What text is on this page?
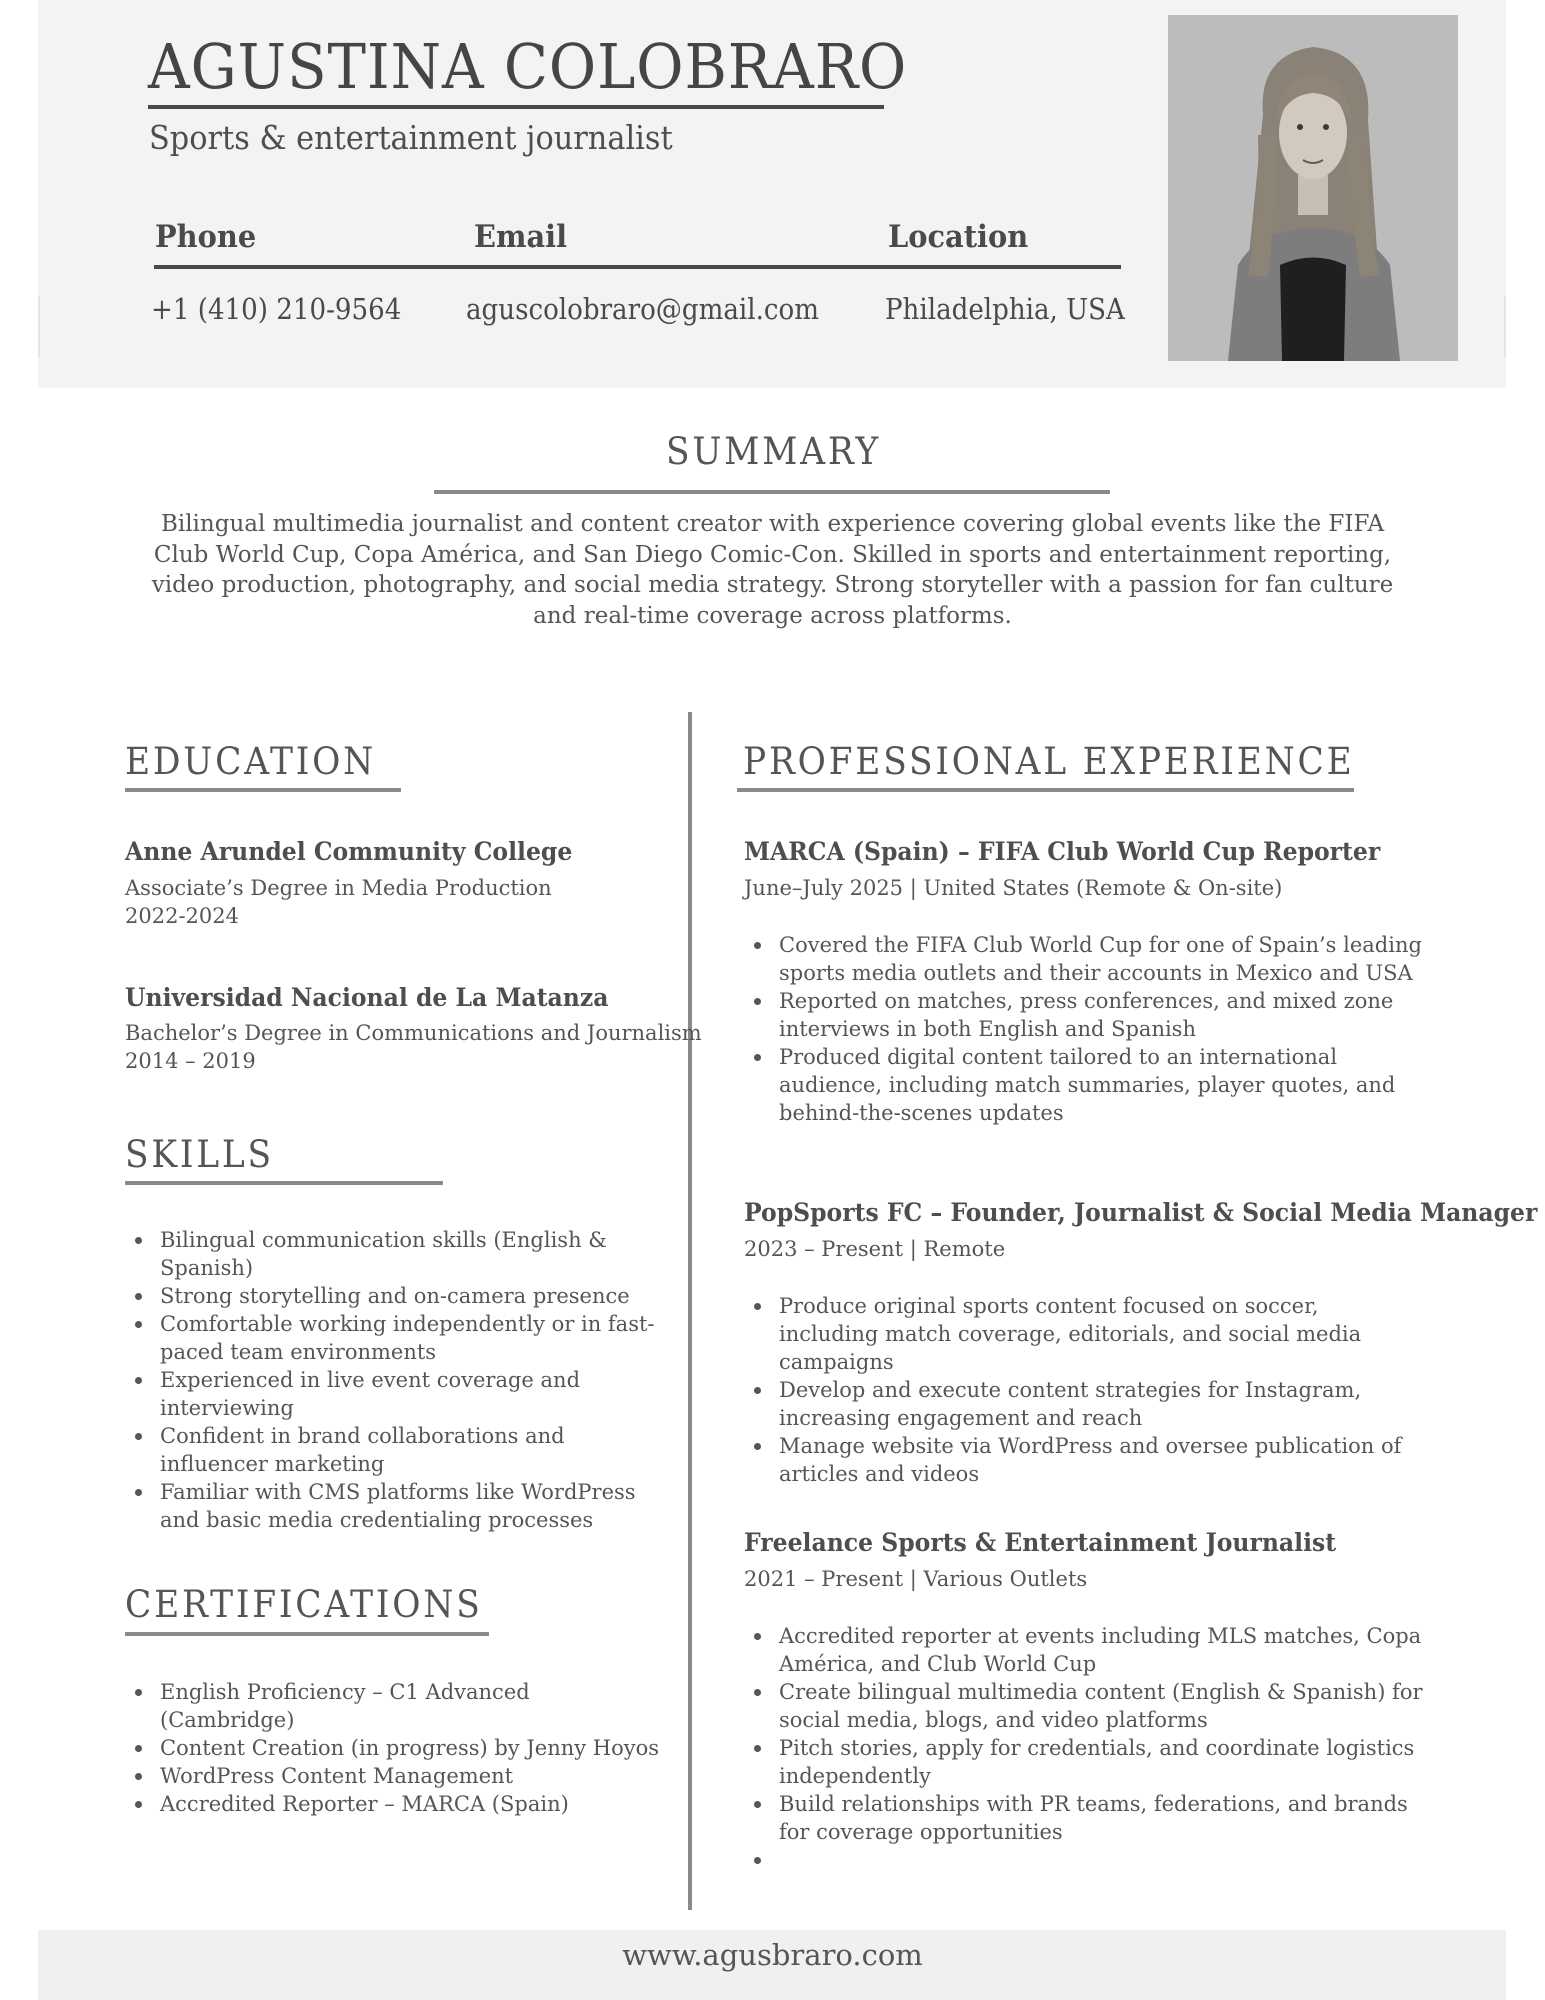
AGUSTINA COLOBRARO
Sports & entertainment journalist
Phone	Email	Location
+1 (410) 210-9564 aguscolobraro@gmail.com Philadelphia, USA
SUMMARY
Bilingual multimedia journalist and content creator with experience covering global events like the FIFA Club World Cup, Copa América, and San Diego Comic-Con. Skilled in sports and entertainment reporting, video production, photography, and social media strategy. Strong storyteller with a passion for fan culture and real-time coverage across platforms.
EDUCATION
Anne Arundel Community College
Associate’s Degree in Media Production
2022-2024
Universidad Nacional de La Matanza
Bachelor’s Degree in Communications and Journalism
2014 – 2019
SKILLS
Bilingual communication skills (English & Spanish)
Strong storytelling and on-camera presence
Comfortable working independently or in fast-paced team environments
Experienced in live event coverage and interviewing
Confident in brand collaborations and influencer marketing
Familiar with CMS platforms like WordPress and basic media credentialing processes
CERTIFICATIONS
English Proficiency – C1 Advanced (Cambridge)
Content Creation (in progress) by Jenny Hoyos
WordPress Content Management
Accredited Reporter – MARCA (Spain)
PROFESSIONAL EXPERIENCE
MARCA (Spain) – FIFA Club World Cup Reporter
June–July 2025 | United States (Remote & On-site)
Covered the FIFA Club World Cup for one of Spain’s leading sports media outlets and their accounts in Mexico and USA
Reported on matches, press conferences, and mixed zone interviews in both English and Spanish
Produced digital content tailored to an international audience, including match summaries, player quotes, and behind-the-scenes updates
PopSports FC – Founder, Journalist & Social Media Manager
2023 – Present | Remote
Produce original sports content focused on soccer, including match coverage, editorials, and social media campaigns
Develop and execute content strategies for Instagram, increasing engagement and reach
Manage website via WordPress and oversee publication of articles and videos
Freelance Sports & Entertainment Journalist
2021 – Present | Various Outlets
Accredited reporter at events including MLS matches, Copa América, and Club World Cup
Create bilingual multimedia content (English & Spanish) for social media, blogs, and video platforms
Pitch stories, apply for credentials, and coordinate logistics independently
Build relationships with PR teams, federations, and brands for coverage opportunities
www.agusbraro.com
